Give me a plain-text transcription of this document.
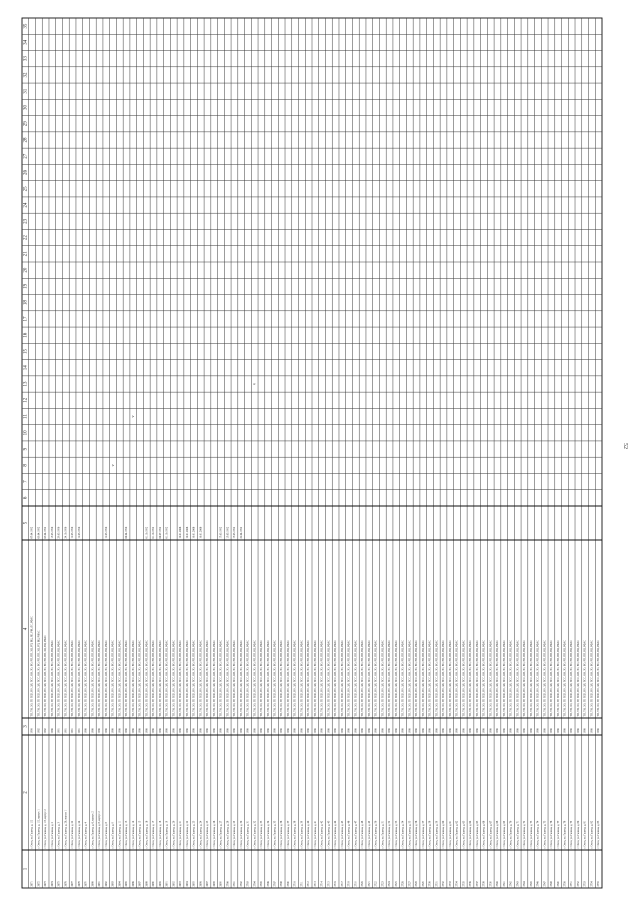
52
1
2
3
4
5
6
7
8
9
10
11
12
13
14
15
16
17
18
19
20
21
22
23
24
25
26
27
28
29
30
31
32
33
34
35
2671
г. Омск, ул. Гашека, д. 1/2
1990
ТП, ТН, ЭО, ГР, ПСБ, ВО, ЭЛ, ПСС, КН, ЗО, ВО, РП, ПП, ЭЦ, РП, ВЦ, ЛЕ, РМ, ЛС, РФАС
07.04.1992
2672
г. Омск, ул. Гашека, д. 1/2, корпус 1
1982
ТП, ТН, ЭО, ГР, ПСБ, ВО, ЭЛ, ПСС, КН, ЗО, ВО, РП, ПП, ЭЦ, РП, ВЦ, РФАС
03.04.1992
2673
г. Омск, ул. Гашека, д. 1/3, корпус 2
1982
ТП, ТН, ЭО, ГР, ПСБ, ВО, ЭЛ, ПСС, КН, ЗО, ВО, РП, ПП, ЭЦ, ВЦ, РФАС
03.04.1992
2674
г. Омск, ул. Гашека, д. 2
1980
ТП, ТН, ЭО, ГР, ПСБ, ВО, ЭЛ, ПСС, КН, ЗО, ВО, РП, ПП, ВЦ, РФАС
15.03.1990
2675
г. Омск, ул. Гашека, д. 3
1981
ТП, ТН, ЭО, ГР, ПСБ, ВО, ЭЛ, ПСС, КН, ЗО, ВО, РП, ПП, ВЦ, РФАС
29.03.1990
2676
г. Омск, ул. Гашека, д. 20, корпус 1
1981
ТП, ТН, ЭО, ГР, ПСБ, ВО, ЭЛ, ПСС, КН, ЗО, ВО, РП, ПП, ВЦ, РФАС
24.10.1990
2677
г. Омск, ул. Гашека, д. 22
1981
ТП, ТН, ЭО, ГР, ПСБ, ВО, ЭЛ, ПСС, КН, ЗО, ВО, РП, ПП, ВЦ, РФАС
12.03.1990
2678
г. Омск, ул. Гашека, д. 24
1981
ТП, ТН, ЭО, ГР, ПСБ, ВО, ЭЛ, ПСС, КН, ЗО, ВО, РП, ПП, ВЦ, РФАС
12.03.1990
2679
г. Омск, ул. Гашека, д. 4
1980
ТП, ТН, ЭО, ГР, ПСБ, ВО, ЭЛ, ПСС, КН, ЗО, ВО, РП, ПП, ВЦ, РФАС
2680
г. Омск, ул. Гашека, д. 6, корпус 2
1980
ТП, ТН, ЭО, ГР, ПСБ, ВО, ЭЛ, ПСС, КН, ЗО, ВО, РП, ПП, ВЦ, РФАС
2681
г. Омск, ул. Гашека, д. 8, корпус 2
1980
ТП, ТН, ЭО, ГР, ПСБ, ВО, ЭЛ, ПСС, КН, ЗО, ВО, РП, ПП, ВЦ, РФАС
2682
г. Омск, ул. Гашека, д. 8
1980
ТП, ТН, ЭО, ГР, ПСБ, ВО, ЭЛ, ПСС, КН, ЗО, ВО, РП, ПП, ВЦ, РФАС
12.03.1990
2683
г. Омск, ул. Гашека, д. 9
1980
ТП, ТН, ЭО, ГР, ПСБ, ВО, ЭЛ, ПСС, КН, ЗО, ВО, РП, ПП, ВЦ, РФАС
v
2684
г. Омск, ул. Гашека, д. 11
1980
ТП, ТН, ЭО, ГР, ПСБ, ВО, ЭЛ, ПСС, КН, ЗО, ВО, РП, ПП, ВЦ, РФАС
2685
г. Омск, ул. Гашека, д. 13
1980
ТП, ТН, ЭО, ГР, ПСБ, ВО, ЭЛ, ПСС, КН, ЗО, ВО, РП, ПП, ВЦ, РФАС
06.04.1990
2686
г. Омск, ул. Гашека, д. 14
1980
ТП, ТН, ЭО, ГР, ПСБ, ВО, ЭЛ, ПСС, КН, ЗО, ВО, РП, ПП, ВЦ, РФАС
v
2687
г. Омск, ул. Гашека, д. 15
1980
ТП, ТН, ЭО, ГР, ПСБ, ВО, ЭЛ, ПСС, КН, ЗО, ВО, РП, ПП, ВЦ, РФАС
2688
г. Омск, ул. Гашека, д. 16
1980
ТП, ТН, ЭО, ГР, ПСБ, ВО, ЭЛ, ПСС, КН, ЗО, ВО, РП, ПП, ВЦ, РФАС
01.10.1992
2689
г. Омск, ул. Гашека, д. 17
1980
ТП, ТН, ЭО, ГР, ПСБ, ВО, ЭЛ, ПСС, КН, ЗО, ВО, РП, ПП, ВЦ, РФАС
01.10.1992
2690
г. Омск, ул. Гашека, д. 18
1980
ТП, ТН, ЭО, ГР, ПСБ, ВО, ЭЛ, ПСС, КН, ЗО, ВО, РП, ПП, ВЦ, РФАС
06.07.1992
2691
г. Омск, ул. Гашека, д. 19
1980
ТП, ТН, ЭО, ГР, ПСБ, ВО, ЭЛ, ПСС, КН, ЗО, ВО, РП, ПП, ВЦ, РФАС
01.10.1992
2692
г. Омск, ул. Гашека, д. 20
1980
ТП, ТН, ЭО, ГР, ПСБ, ВО, ЭЛ, ПСС, КН, ЗО, ВО, РП, ПП, ВЦ, РФАС
2693
г. Омск, ул. Гашека, д. 21
1980
ТП, ТН, ЭО, ГР, ПСБ, ВО, ЭЛ, ПСС, КН, ЗО, ВО, РП, ПП, ВЦ, РФАС
10.01.2006
2694
г. Омск, ул. Гашека, д. 22
1980
ТП, ТН, ЭО, ГР, ПСБ, ВО, ЭЛ, ПСС, КН, ЗО, ВО, РП, ПП, ВЦ, РФАС
10.01.2006
2695
г. Омск, ул. Гашека, д. 23
1980
ТП, ТН, ЭО, ГР, ПСБ, ВО, ЭЛ, ПСС, КН, ЗО, ВО, РП, ПП, ВЦ, РФАС
10.01.2006
2696
г. Омск, ул. Гашека, д. 24
1980
ТП, ТН, ЭО, ГР, ПСБ, ВО, ЭЛ, ПСС, КН, ЗО, ВО, РП, ПП, ВЦ, РФАС
10.01.2006
2697
г. Омск, ул. Гашека, д. 25
1980
ТП, ТН, ЭО, ГР, ПСБ, ВО, ЭЛ, ПСС, КН, ЗО, ВО, РП, ПП, ВЦ, РФАС
2698
г. Омск, ул. Гашека, д. 26
1980
ТП, ТН, ЭО, ГР, ПСБ, ВО, ЭЛ, ПСС, КН, ЗО, ВО, РП, ПП, ВЦ, РФАС
2699
г. Омск, ул. Гашека, д. 27
1980
ТП, ТН, ЭО, ГР, ПСБ, ВО, ЭЛ, ПСС, КН, ЗО, ВО, РП, ПП, ВЦ, РФАС
17.03.1992
2700
г. Омск, ул. Гашека, д. 28
1980
ТП, ТН, ЭО, ГР, ПСБ, ВО, ЭЛ, ПСС, КН, ЗО, ВО, РП, ПП, ВЦ, РФАС
15.05.1992
2701
г. Омск, ул. Гашека, д. 29
1980
ТП, ТН, ЭО, ГР, ПСБ, ВО, ЭЛ, ПСС, КН, ЗО, ВО, РП, ПП, ВЦ, РФАС
17.03.1992
2702
г. Омск, ул. Гашека, д. 30
1980
ТП, ТН, ЭО, ГР, ПСБ, ВО, ЭЛ, ПСС, КН, ЗО, ВО, РП, ПП, ВЦ, РФАС
22.04.1992
2703
г. Омск, ул. Гашека, д. 31
1980
ТП, ТН, ЭО, ГР, ПСБ, ВО, ЭЛ, ПСС, КН, ЗО, ВО, РП, ПП, ВЦ, РФАС
2704
г. Омск, ул. Гашека, д. 32
1980
ТП, ТН, ЭО, ГР, ПСБ, ВО, ЭЛ, ПСС, КН, ЗО, ВО, РП, ПП, ВЦ, РФАС
v
2705
г. Омск, ул. Гашека, д. 33
1980
ТП, ТН, ЭО, ГР, ПСБ, ВО, ЭЛ, ПСС, КН, ЗО, ВО, РП, ПП, ВЦ, РФАС
2706
г. Омск, ул. Гашека, д. 34
1980
ТП, ТН, ЭО, ГР, ПСБ, ВО, ЭЛ, ПСС, КН, ЗО, ВО, РП, ПП, ВЦ, РФАС
2707
г. Омск, ул. Гашека, д. 35
1980
ТП, ТН, ЭО, ГР, ПСБ, ВО, ЭЛ, ПСС, КН, ЗО, ВО, РП, ПП, ВЦ, РФАС
2708
г. Омск, ул. Гашека, д. 36
1980
ТП, ТН, ЭО, ГР, ПСБ, ВО, ЭЛ, ПСС, КН, ЗО, ВО, РП, ПП, ВЦ, РФАС
2709
г. Омск, ул. Гашека, д. 37
1980
ТП, ТН, ЭО, ГР, ПСБ, ВО, ЭЛ, ПСС, КН, ЗО, ВО, РП, ПП, ВЦ, РФАС
2710
г. Омск, ул. Гашека, д. 38
1980
ТП, ТН, ЭО, ГР, ПСБ, ВО, ЭЛ, ПСС, КН, ЗО, ВО, РП, ПП, ВЦ, РФАС
2711
г. Омск, ул. Гашека, д. 39
1980
ТП, ТН, ЭО, ГР, ПСБ, ВО, ЭЛ, ПСС, КН, ЗО, ВО, РП, ПП, ВЦ, РФАС
2712
г. Омск, ул. Гашека, д. 40
1980
ТП, ТН, ЭО, ГР, ПСБ, ВО, ЭЛ, ПСС, КН, ЗО, ВО, РП, ПП, ВЦ, РФАС
2713
г. Омск, ул. Гашека, д. 41
1980
ТП, ТН, ЭО, ГР, ПСБ, ВО, ЭЛ, ПСС, КН, ЗО, ВО, РП, ПП, ВЦ, РФАС
2714
г. Омск, ул. Гашека, д. 42
1980
ТП, ТН, ЭО, ГР, ПСБ, ВО, ЭЛ, ПСС, КН, ЗО, ВО, РП, ПП, ВЦ, РФАС
2715
г. Омск, ул. Гашека, д. 43
1980
ТП, ТН, ЭО, ГР, ПСБ, ВО, ЭЛ, ПСС, КН, ЗО, ВО, РП, ПП, ВЦ, РФАС
2716
г. Омск, ул. Гашека, д. 44
1980
ТП, ТН, ЭО, ГР, ПСБ, ВО, ЭЛ, ПСС, КН, ЗО, ВО, РП, ПП, ВЦ, РФАС
2717
г. Омск, ул. Гашека, д. 45
1980
ТП, ТН, ЭО, ГР, ПСБ, ВО, ЭЛ, ПСС, КН, ЗО, ВО, РП, ПП, ВЦ, РФАС
2718
г. Омск, ул. Гашека, д. 46
1980
ТП, ТН, ЭО, ГР, ПСБ, ВО, ЭЛ, ПСС, КН, ЗО, ВО, РП, ПП, ВЦ, РФАС
2719
г. Омск, ул. Гашека, д. 47
1980
ТП, ТН, ЭО, ГР, ПСБ, ВО, ЭЛ, ПСС, КН, ЗО, ВО, РП, ПП, ВЦ, РФАС
2720
г. Омск, ул. Гашека, д. 48
1980
ТП, ТН, ЭО, ГР, ПСБ, ВО, ЭЛ, ПСС, КН, ЗО, ВО, РП, ПП, ВЦ, РФАС
2721
г. Омск, ул. Гашека, д. 49
1980
ТП, ТН, ЭО, ГР, ПСБ, ВО, ЭЛ, ПСС, КН, ЗО, ВО, РП, ПП, ВЦ, РФАС
2722
г. Омск, ул. Гашека, д. 50
1980
ТП, ТН, ЭО, ГР, ПСБ, ВО, ЭЛ, ПСС, КН, ЗО, ВО, РП, ПП, ВЦ, РФАС
2723
г. Омск, ул. Гашека, д. 51
1980
ТП, ТН, ЭО, ГР, ПСБ, ВО, ЭЛ, ПСС, КН, ЗО, ВО, РП, ПП, ВЦ, РФАС
2724
г. Омск, ул. Гашека, д. 52
1980
ТП, ТН, ЭО, ГР, ПСБ, ВО, ЭЛ, ПСС, КН, ЗО, ВО, РП, ПП, ВЦ, РФАС
2725
г. Омск, ул. Гашека, д. 53
1980
ТП, ТН, ЭО, ГР, ПСБ, ВО, ЭЛ, ПСС, КН, ЗО, ВО, РП, ПП, ВЦ, РФАС
2726
г. Омск, ул. Гашека, д. 54
1980
ТП, ТН, ЭО, ГР, ПСБ, ВО, ЭЛ, ПСС, КН, ЗО, ВО, РП, ПП, ВЦ, РФАС
2727
г. Омск, ул. Гашека, д. 55
1980
ТП, ТН, ЭО, ГР, ПСБ, ВО, ЭЛ, ПСС, КН, ЗО, ВО, РП, ПП, ВЦ, РФАС
2728
г. Омск, ул. Гашека, д. 56
1980
ТП, ТН, ЭО, ГР, ПСБ, ВО, ЭЛ, ПСС, КН, ЗО, ВО, РП, ПП, ВЦ, РФАС
2729
г. Омск, ул. Гашека, д. 57
1980
ТП, ТН, ЭО, ГР, ПСБ, ВО, ЭЛ, ПСС, КН, ЗО, ВО, РП, ПП, ВЦ, РФАС
2730
г. Омск, ул. Гашека, д. 58
1980
ТП, ТН, ЭО, ГР, ПСБ, ВО, ЭЛ, ПСС, КН, ЗО, ВО, РП, ПП, ВЦ, РФАС
2731
г. Омск, ул. Гашека, д. 59
1980
ТП, ТН, ЭО, ГР, ПСБ, ВО, ЭЛ, ПСС, КН, ЗО, ВО, РП, ПП, ВЦ, РФАС
2732
г. Омск, ул. Гашека, д. 60
1980
ТП, ТН, ЭО, ГР, ПСБ, ВО, ЭЛ, ПСС, КН, ЗО, ВО, РП, ПП, ВЦ, РФАС
2733
г. Омск, ул. Гашека, д. 61
1980
ТП, ТН, ЭО, ГР, ПСБ, ВО, ЭЛ, ПСС, КН, ЗО, ВО, РП, ПП, ВЦ, РФАС
2734
г. Омск, ул. Гашека, д. 62
1980
ТП, ТН, ЭО, ГР, ПСБ, ВО, ЭЛ, ПСС, КН, ЗО, ВО, РП, ПП, ВЦ, РФАС
2735
г. Омск, ул. Гашека, д. 63
1980
ТП, ТН, ЭО, ГР, ПСБ, ВО, ЭЛ, ПСС, КН, ЗО, ВО, РП, ПП, ВЦ, РФАС
2736
г. Омск, ул. Гашека, д. 64
1980
ТП, ТН, ЭО, ГР, ПСБ, ВО, ЭЛ, ПСС, КН, ЗО, ВО, РП, ПП, ВЦ, РФАС
2737
г. Омск, ул. Гашека, д. 65
1980
ТП, ТН, ЭО, ГР, ПСБ, ВО, ЭЛ, ПСС, КН, ЗО, ВО, РП, ПП, ВЦ, РФАС
2738
г. Омск, ул. Гашека, д. 66
1980
ТП, ТН, ЭО, ГР, ПСБ, ВО, ЭЛ, ПСС, КН, ЗО, ВО, РП, ПП, ВЦ, РФАС
2739
г. Омск, ул. Гашека, д. 67
1980
ТП, ТН, ЭО, ГР, ПСБ, ВО, ЭЛ, ПСС, КН, ЗО, ВО, РП, ПП, ВЦ, РФАС
2740
г. Омск, ул. Гашека, д. 68
1980
ТП, ТН, ЭО, ГР, ПСБ, ВО, ЭЛ, ПСС, КН, ЗО, ВО, РП, ПП, ВЦ, РФАС
2741
г. Омск, ул. Гашека, д. 69
1980
ТП, ТН, ЭО, ГР, ПСБ, ВО, ЭЛ, ПСС, КН, ЗО, ВО, РП, ПП, ВЦ, РФАС
2742
г. Омск, ул. Гашека, д. 70
1980
ТП, ТН, ЭО, ГР, ПСБ, ВО, ЭЛ, ПСС, КН, ЗО, ВО, РП, ПП, ВЦ, РФАС
2743
г. Омск, ул. Гашека, д. 71
1980
ТП, ТН, ЭО, ГР, ПСБ, ВО, ЭЛ, ПСС, КН, ЗО, ВО, РП, ПП, ВЦ, РФАС
2744
г. Омск, ул. Гашека, д. 72
1980
ТП, ТН, ЭО, ГР, ПСБ, ВО, ЭЛ, ПСС, КН, ЗО, ВО, РП, ПП, ВЦ, РФАС
2745
г. Омск, ул. Гашека, д. 73
1980
ТП, ТН, ЭО, ГР, ПСБ, ВО, ЭЛ, ПСС, КН, ЗО, ВО, РП, ПП, ВЦ, РФАС
2746
г. Омск, ул. Гашека, д. 74
1980
ТП, ТН, ЭО, ГР, ПСБ, ВО, ЭЛ, ПСС, КН, ЗО, ВО, РП, ПП, ВЦ, РФАС
2747
г. Омск, ул. Гашека, д. 75
1980
ТП, ТН, ЭО, ГР, ПСБ, ВО, ЭЛ, ПСС, КН, ЗО, ВО, РП, ПП, ВЦ, РФАС
2748
г. Омск, ул. Гашека, д. 76
1980
ТП, ТН, ЭО, ГР, ПСБ, ВО, ЭЛ, ПСС, КН, ЗО, ВО, РП, ПП, ВЦ, РФАС
2749
г. Омск, ул. Гашека, д. 77
1980
ТП, ТН, ЭО, ГР, ПСБ, ВО, ЭЛ, ПСС, КН, ЗО, ВО, РП, ПП, ВЦ, РФАС
2750
г. Омск, ул. Гашека, д. 78
1980
ТП, ТН, ЭО, ГР, ПСБ, ВО, ЭЛ, ПСС, КН, ЗО, ВО, РП, ПП, ВЦ, РФАС
2751
г. Омск, ул. Гашека, д. 79
1980
ТП, ТН, ЭО, ГР, ПСБ, ВО, ЭЛ, ПСС, КН, ЗО, ВО, РП, ПП, ВЦ, РФАС
2752
г. Омск, ул. Гашека, д. 80
1980
ТП, ТН, ЭО, ГР, ПСБ, ВО, ЭЛ, ПСС, КН, ЗО, ВО, РП, ПП, ВЦ, РФАС
2753
г. Омск, ул. Гашека, д. 81
1980
ТП, ТН, ЭО, ГР, ПСБ, ВО, ЭЛ, ПСС, КН, ЗО, ВО, РП, ПП, ВЦ, РФАС
2754
г. Омск, ул. Гашека, д. 82
1980
ТП, ТН, ЭО, ГР, ПСБ, ВО, ЭЛ, ПСС, КН, ЗО, ВО, РП, ПП, ВЦ, РФАС
2755
г. Омск, ул. Гашека, д. 83
1980
ТП, ТН, ЭО, ГР, ПСБ, ВО, ЭЛ, ПСС, КН, ЗО, ВО, РП, ПП, ВЦ, РФАС
